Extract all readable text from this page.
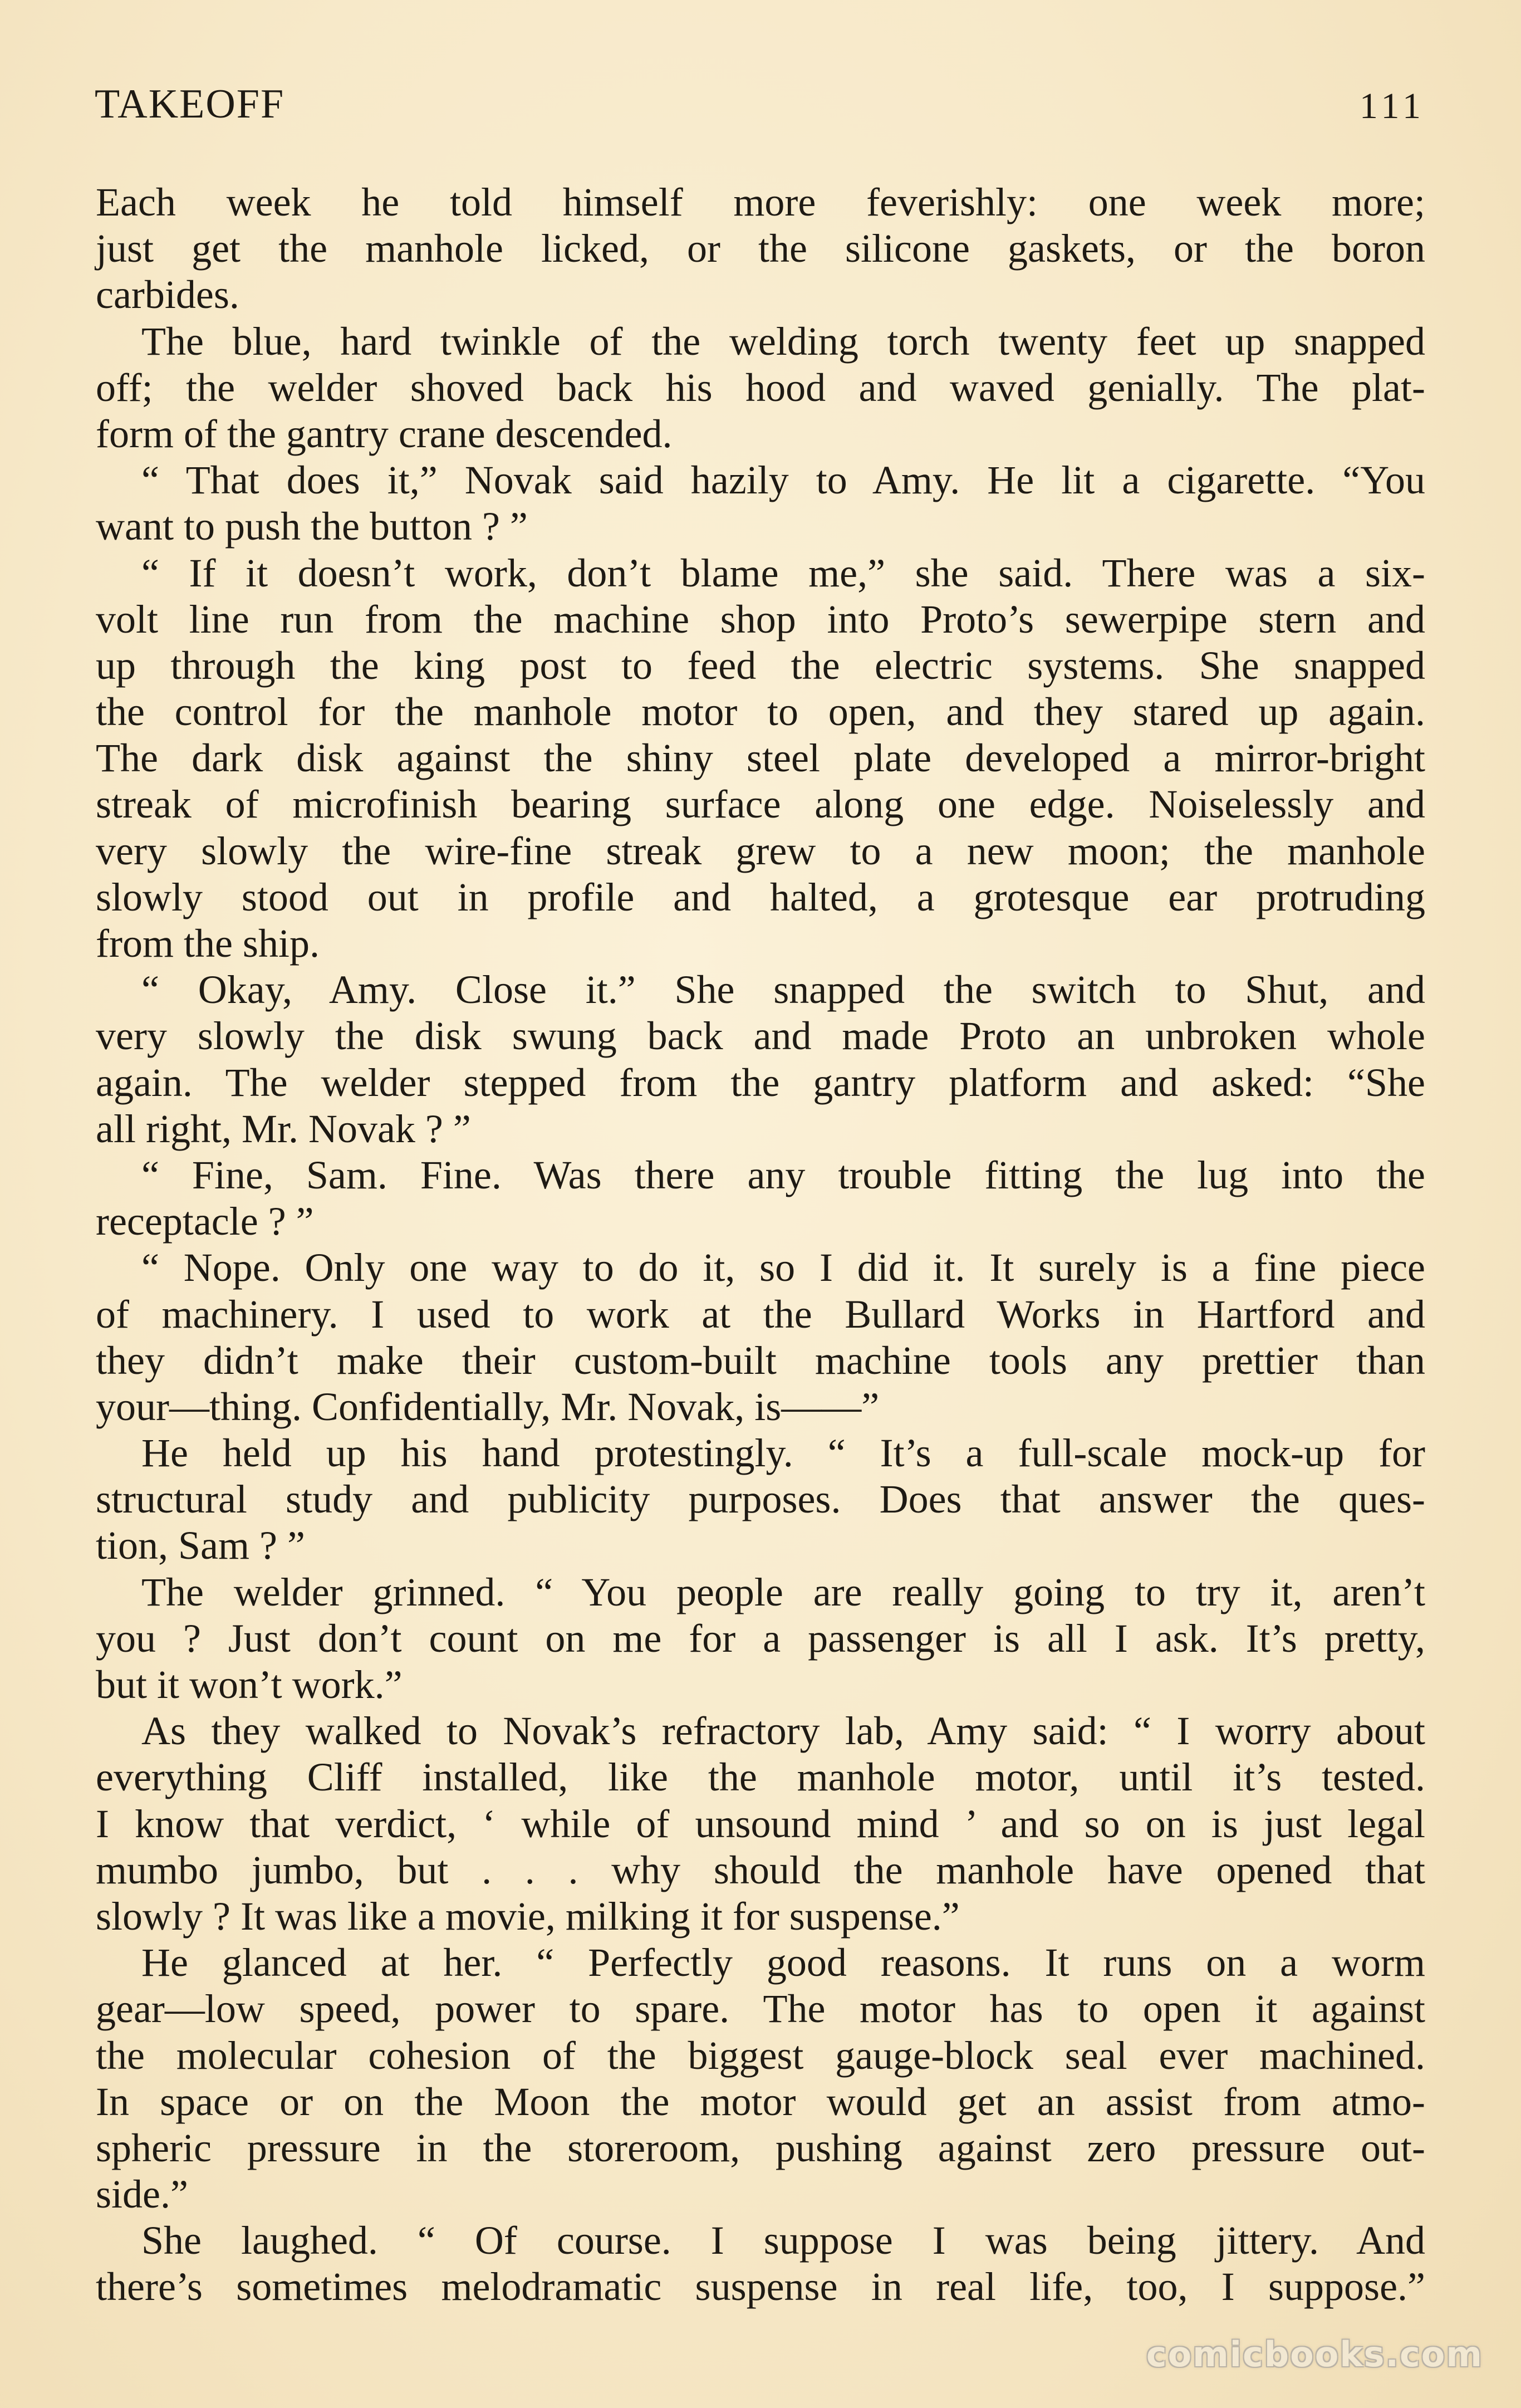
TAKEOFF	111
Each week he told himself more feverishly: one week more;
just get the manhole licked, or the silicone gaskets, or the boron
carbides.
The blue, hard twinkle of the welding torch twenty feet up snapped
off; the welder shoved back his hood and waved genially. The plat-
form of the gantry crane descended.
“ That does it,” Novak said hazily to Amy. He lit a cigarette. “You
want to push the button ? ”
“ If it doesn’t work, don’t blame me,” she said. There was a six-
volt line run from the machine shop into Proto’s sewerpipe stern and
up through the king post to feed the electric systems. She snapped
the control for the manhole motor to open, and they stared up again.
The dark disk against the shiny steel plate developed a mirror-bright
streak of microfinish bearing surface along one edge. Noiselessly and
very slowly the wire-fine streak grew to a new moon; the manhole
slowly stood out in profile and halted, a grotesque ear protruding
from the ship.
“ Okay, Amy. Close it.” She snapped the switch to Shut, and
very slowly the disk swung back and made Proto an unbroken whole
again. The welder stepped from the gantry platform and asked: “She
all right, Mr. Novak ? ”
“ Fine, Sam. Fine. Was there any trouble fitting the lug into the
receptacle ? ”
“ Nope. Only one way to do it, so I did it. It surely is a fine piece
of machinery. I used to work at the Bullard Works in Hartford and
they didn’t make their custom-built machine tools any prettier than
your—thing. Confidentially, Mr. Novak, is——”
He held up his hand protestingly. “ It’s a full-scale mock-up for
structural study and publicity purposes. Does that answer the ques-
tion, Sam ? ”
The welder grinned. “ You people are really going to try it, aren’t
you ? Just don’t count on me for a passenger is all I ask. It’s pretty,
but it won’t work.”
As they walked to Novak’s refractory lab, Amy said: “ I worry about
everything Cliff installed, like the manhole motor, until it’s tested.
I know that verdict, ‘ while of unsound mind ’ and so on is just legal
mumbo jumbo, but . . . why should the manhole have opened that
slowly ? It was like a movie, milking it for suspense.”
He glanced at her. “ Perfectly good reasons. It runs on a worm
gear—low speed, power to spare. The motor has to open it against
the molecular cohesion of the biggest gauge-block seal ever machined.
In space or on the Moon the motor would get an assist from atmo-
spheric pressure in the storeroom, pushing against zero pressure out-
side.”
She laughed. “ Of course. I suppose I was being jittery. And
there’s sometimes melodramatic suspense in real life, too, I suppose.”
comicbooks.com
